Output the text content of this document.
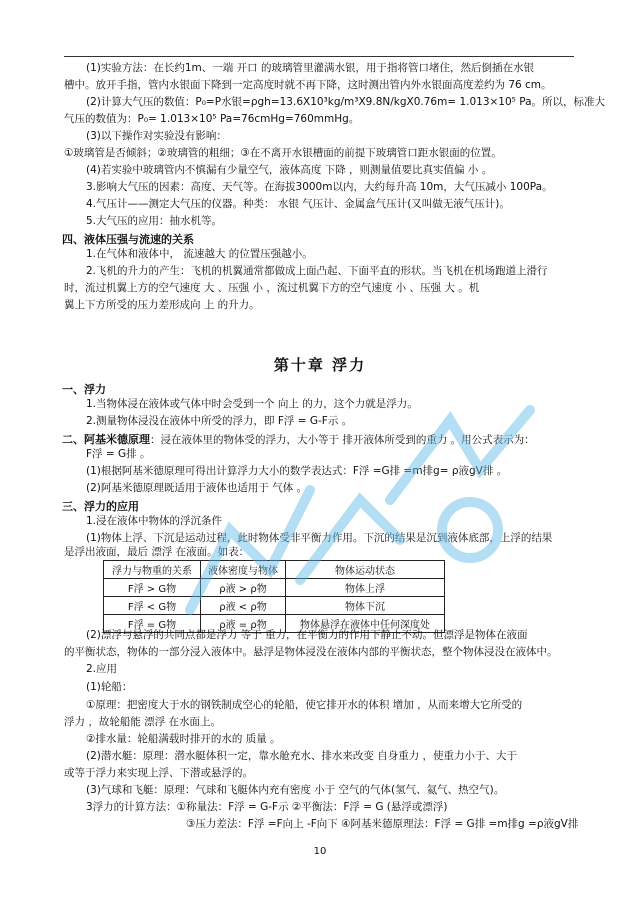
(1)实验方法：在长约1m、一端 开口 的玻璃管里灌满水银，用于指将管口堵住，然后倒插在水银
槽中。放开手指，管内水银面下降到一定高度时就不再下降，这时测出管内外水银面高度差约为 76 cm。
(2)计算大气压的数值：P₀=P水银=ρgh=13.6X10³kg/m³X9.8N/kgX0.76m= 1.013×10⁵ Pa。所以，标准大
气压的数值为：P₀= 1.013×10⁵ Pa=76cmHg=760mmHg。
(3)以下操作对实验没有影响：
①玻璃管是否倾斜；②玻璃管的粗细；③在不离开水银槽面的前提下玻璃管口距水银面的位置。
(4)若实验中玻璃管内不慎漏有少量空气，液体高度 下降 ，则测量值要比真实值偏 小 。
3.影响大气压的因素：高度、天气等。在海拔3000m以内，大约每升高 10m，大气压减小 100Pa。
4.气压计——测定大气压的仪器。种类： 水银 气压计、金属盒气压计(又叫做无液气压计)。
5.大气压的应用：抽水机等。
四、液体压强与流速的关系
1.在气体和液体中， 流速越大 的位置压强越小。
2.飞机的升力的产生：飞机的机翼通常都做成上面凸起、下面平直的形状。当飞机在机场跑道上滑行
时，流过机翼上方的空气速度 大 、压强 小 ，流过机翼下方的空气速度 小 、压强 大 。机
翼上下方所受的压力差形成向 上 的升力。
第十章 浮力
一、浮力
1.当物体浸在液体或气体中时会受到一个 向上 的力，这个力就是浮力。
2.测量物体浸没在液体中所受的浮力，即 F浮 = G-F示 。
二、阿基米德原理：浸在液体里的物体受的浮力，大小等于 排开液体所受到的重力 。用公式表示为：
F浮 = G排 。
(1)根据阿基米德原理可得出计算浮力大小的数学表达式：F浮 =G排 =m排g= ρ液gV排 。
(2)阿基米德原理既适用于液体也适用于 气体 。
三、浮力的应用
1.浸在液体中物体的浮沉条件
(1)物体上浮、下沉是运动过程，此时物体受非平衡力作用。下沉的结果是沉到液体底部，上浮的结果
是浮出液面，最后 漂浮 在液面。如表：
浮力与物重的关系	液体密度与物体	物体运动状态
F浮 > G物	ρ液 > ρ物	物体上浮
F浮 < G物	ρ液 < ρ物	物体下沉
F浮 = G物	ρ液 = ρ物	物体悬浮在液体中任何深度处
(2)漂浮与悬浮的共同点都是浮力 等于 重力，在平衡力的作用下静止不动。但漂浮是物体在液面
的平衡状态，物体的一部分浸入液体中。悬浮是物体浸没在液体内部的平衡状态，整个物体浸没在液体中。
2.应用
(1)轮船：
①原理：把密度大于水的钢铁制成空心的轮船，使它排开水的体积 增加 ，从而来增大它所受的
浮力 ，故轮船能 漂浮 在水面上。
②排水量：轮船满载时排开的水的 质量 。
(2)潜水艇：原理：潜水艇体积一定，靠水舱充水、排水来改变 自身重力 ，使重力小于、大于
或等于浮力来实现上浮、下潜或悬浮的。
(3)气球和飞艇：原理：气球和飞艇体内充有密度 小于 空气的气体(氢气、氦气、热空气)。
3浮力的计算方法：①称量法：F浮 = G-F示 ②平衡法：F浮 = G (悬浮或漂浮)
③压力差法：F浮 =F向上 -F向下 ④阿基米德原理法：F浮 = G排 =m排g =ρ液gV排
10
